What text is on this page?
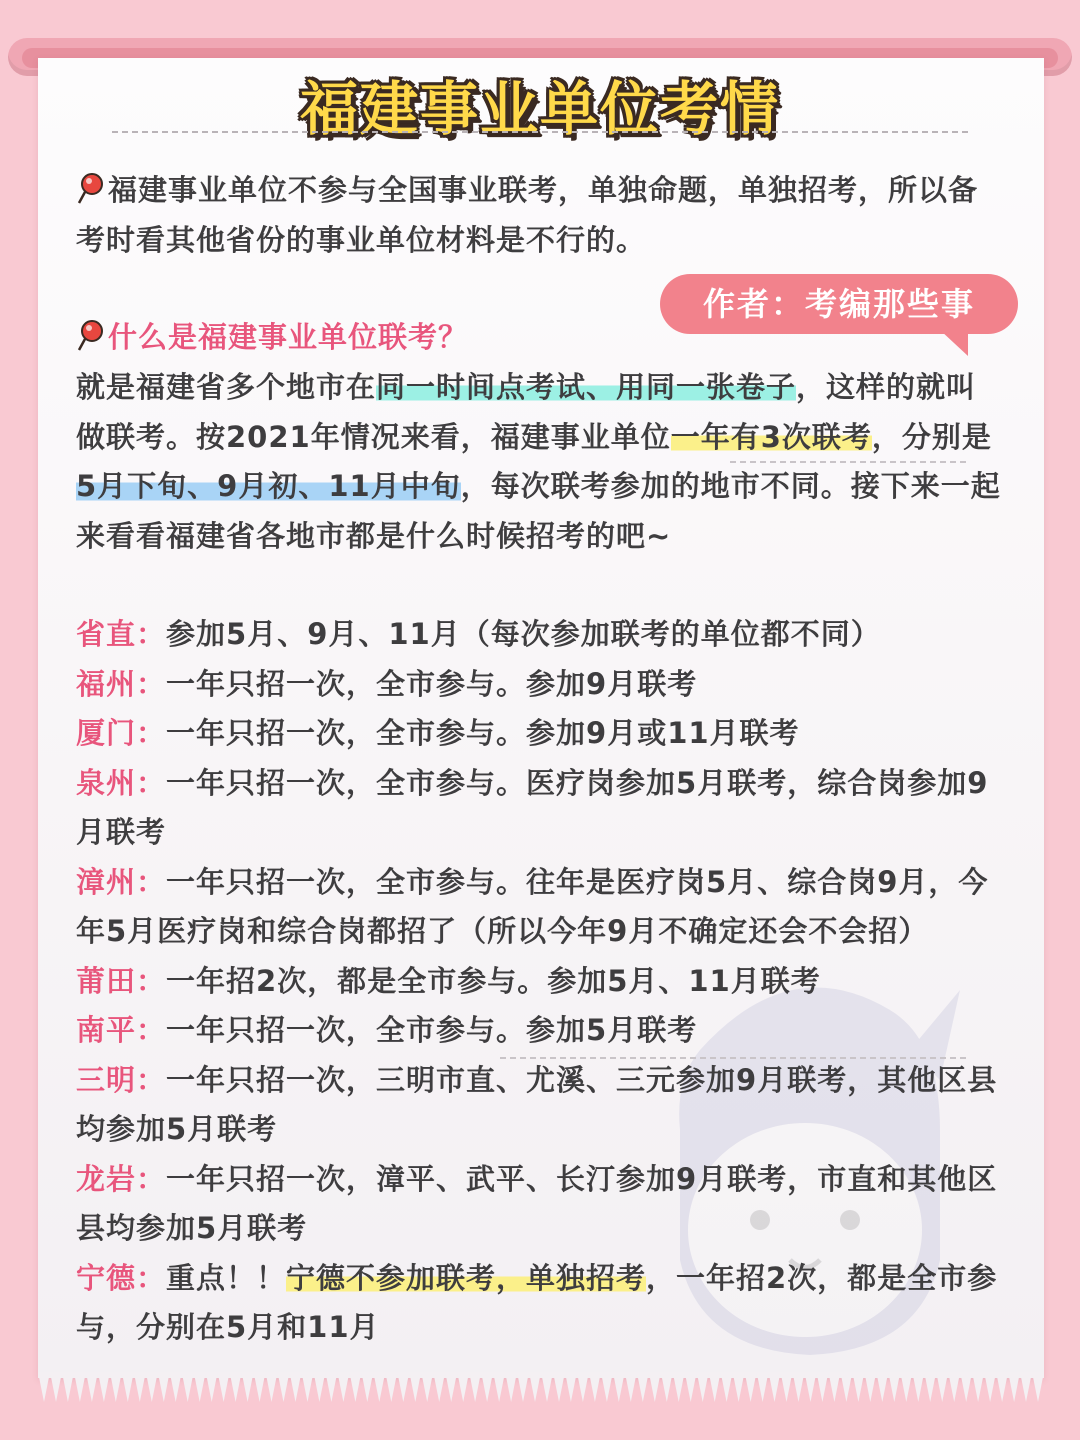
福建事业单位考情
福建事业单位不参与全国事业联考，单独命题，单独招考，所以备考时看其他省份的事业单位材料是不行的。
作者：考编那些事
什么是福建事业单位联考？
就是福建省多个地市在同一时间点考试、用同一张卷子，这样的就叫做联考。按2021年情况来看，福建事业单位一年有3次联考，分别是5月下旬、9月初、11月中旬，每次联考参加的地市不同。接下来一起来看看福建省各地市都是什么时候招考的吧~

省直：参加5月、9月、11月（每次参加联考的单位都不同）

福州：一年只招一次，全市参与。参加9月联考

厦门：一年只招一次，全市参与。参加9月或11月联考

泉州：一年只招一次，全市参与。医疗岗参加5月联考，综合岗参加9月联考

漳州：一年只招一次，全市参与。往年是医疗岗5月、综合岗9月，今年5月医疗岗和综合岗都招了（所以今年9月不确定还会不会招）

莆田：一年招2次，都是全市参与。参加5月、11月联考

南平：一年只招一次，全市参与。参加5月联考

三明：一年只招一次，三明市直、尤溪、三元参加9月联考，其他区县均参加5月联考

龙岩：一年只招一次，漳平、武平、长汀参加9月联考，市直和其他区县均参加5月联考

宁德：重点！！宁德不参加联考，单独招考，一年招2次，都是全市参与，分别在5月和11月
